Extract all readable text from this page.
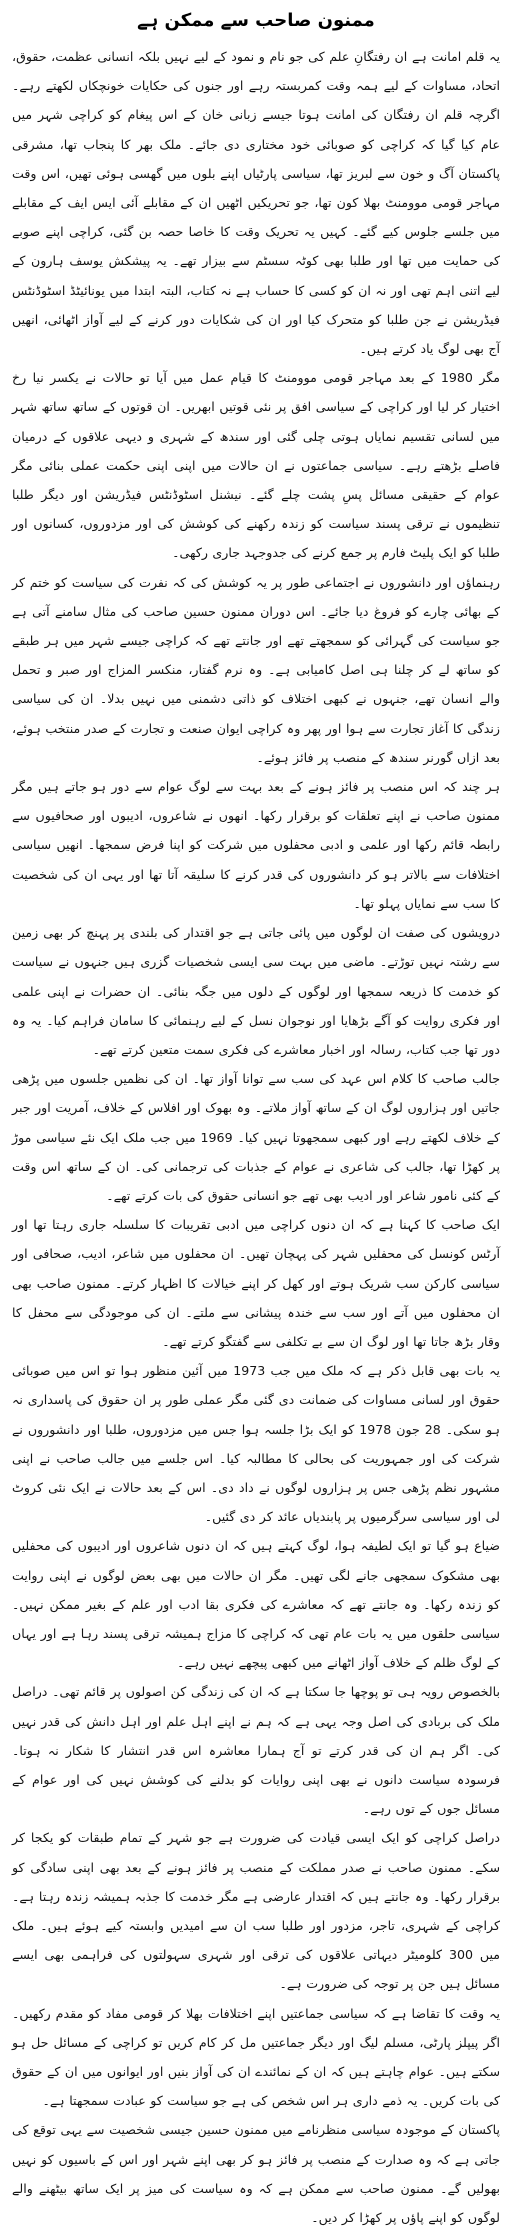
ممنون صاحب سے ممکن ہے

یہ قلم امانت ہے ان رفتگانِ علم کی جو نام و نمود کے لیے نہیں بلکہ انسانی عظمت، حقوق، اتحاد، مساوات کے لیے ہمہ وقت کمربستہ رہے اور جنوں کی حکایات خونچکاں لکھتے رہے۔ اگرچہ قلم ان رفتگان کی امانت ہوتا جیسے زبانی خان کے اس پیغام کو کراچی شہر میں عام کیا گیا کہ کراچی کو صوبائی خود مختاری دی جائے۔ ملک بھر کا پنجاب تھا، مشرقی پاکستان آگ و خون سے لبریز تھا، سیاسی پارٹیاں اپنے بلوں میں گھسی ہوئی تھیں، اس وقت مہاجر قومی موومنٹ بھلا کون تھا، جو تحریکیں اٹھیں ان کے مقابلے آئی ایس ایف کے مقابلے میں جلسے جلوس کیے گئے۔ کہیں یہ تحریک وقت کا خاصا حصہ بن گئی، کراچی اپنے صوبے کی حمایت میں تھا اور طلبا بھی کوٹہ سسٹم سے بیزار تھے۔ یہ پیشکش یوسف ہارون کے لیے اتنی اہم تھی اور نہ ان کو کسی کا حساب ہے نہ کتاب، البتہ ابتدا میں یونائیٹڈ اسٹوڈنٹس فیڈریشن نے جن طلبا کو متحرک کیا اور ان کی شکایات دور کرنے کے لیے آواز اٹھائی، انھیں آج بھی لوگ یاد کرتے ہیں۔

مگر 1980 کے بعد مہاجر قومی موومنٹ کا قیام عمل میں آیا تو حالات نے یکسر نیا رخ اختیار کر لیا اور کراچی کے سیاسی افق پر نئی قوتیں ابھریں۔ ان قوتوں کے ساتھ ساتھ شہر میں لسانی تقسیم نمایاں ہوتی چلی گئی اور سندھ کے شہری و دیہی علاقوں کے درمیان فاصلے بڑھتے رہے۔ سیاسی جماعتوں نے ان حالات میں اپنی اپنی حکمت عملی بنائی مگر عوام کے حقیقی مسائل پسِ پشت چلے گئے۔ نیشنل اسٹوڈنٹس فیڈریشن اور دیگر طلبا تنظیموں نے ترقی پسند سیاست کو زندہ رکھنے کی کوشش کی اور مزدوروں، کسانوں اور طلبا کو ایک پلیٹ فارم پر جمع کرنے کی جدوجہد جاری رکھی۔

رہنماؤں اور دانشوروں نے اجتماعی طور پر یہ کوشش کی کہ نفرت کی سیاست کو ختم کر کے بھائی چارے کو فروغ دیا جائے۔ اس دوران ممنون حسین صاحب کی مثال سامنے آتی ہے جو سیاست کی گہرائی کو سمجھتے تھے اور جانتے تھے کہ کراچی جیسے شہر میں ہر طبقے کو ساتھ لے کر چلنا ہی اصل کامیابی ہے۔ وہ نرم گفتار، منکسر المزاج اور صبر و تحمل والے انسان تھے، جنہوں نے کبھی اختلاف کو ذاتی دشمنی میں نہیں بدلا۔ ان کی سیاسی زندگی کا آغاز تجارت سے ہوا اور پھر وہ کراچی ایوان صنعت و تجارت کے صدر منتخب ہوئے، بعد ازاں گورنر سندھ کے منصب پر فائز ہوئے۔

ہر چند کہ اس منصب پر فائز ہونے کے بعد بہت سے لوگ عوام سے دور ہو جاتے ہیں مگر ممنون صاحب نے اپنے تعلقات کو برقرار رکھا۔ انھوں نے شاعروں، ادیبوں اور صحافیوں سے رابطہ قائم رکھا اور علمی و ادبی محفلوں میں شرکت کو اپنا فرض سمجھا۔ انھیں سیاسی اختلافات سے بالاتر ہو کر دانشوروں کی قدر کرنے کا سلیقہ آتا تھا اور یہی ان کی شخصیت کا سب سے نمایاں پہلو تھا۔

درویشوں کی صفت ان لوگوں میں پائی جاتی ہے جو اقتدار کی بلندی پر پہنچ کر بھی زمین سے رشتہ نہیں توڑتے۔ ماضی میں بہت سی ایسی شخصیات گزری ہیں جنہوں نے سیاست کو خدمت کا ذریعہ سمجھا اور لوگوں کے دلوں میں جگہ بنائی۔ ان حضرات نے اپنی علمی اور فکری روایت کو آگے بڑھایا اور نوجوان نسل کے لیے رہنمائی کا سامان فراہم کیا۔ یہ وہ دور تھا جب کتاب، رسالہ اور اخبار معاشرے کی فکری سمت متعین کرتے تھے۔

جالب صاحب کا کلام اس عہد کی سب سے توانا آواز تھا۔ ان کی نظمیں جلسوں میں پڑھی جاتیں اور ہزاروں لوگ ان کے ساتھ آواز ملاتے۔ وہ بھوک اور افلاس کے خلاف، آمریت اور جبر کے خلاف لکھتے رہے اور کبھی سمجھوتا نہیں کیا۔ 1969 میں جب ملک ایک نئے سیاسی موڑ پر کھڑا تھا، جالب کی شاعری نے عوام کے جذبات کی ترجمانی کی۔ ان کے ساتھ اس وقت کے کئی نامور شاعر اور ادیب بھی تھے جو انسانی حقوق کی بات کرتے تھے۔

ایک صاحب کا کہنا ہے کہ ان دنوں کراچی میں ادبی تقریبات کا سلسلہ جاری رہتا تھا اور آرٹس کونسل کی محفلیں شہر کی پہچان تھیں۔ ان محفلوں میں شاعر، ادیب، صحافی اور سیاسی کارکن سب شریک ہوتے اور کھل کر اپنے خیالات کا اظہار کرتے۔ ممنون صاحب بھی ان محفلوں میں آتے اور سب سے خندہ پیشانی سے ملتے۔ ان کی موجودگی سے محفل کا وقار بڑھ جاتا تھا اور لوگ ان سے بے تکلفی سے گفتگو کرتے تھے۔

یہ بات بھی قابل ذکر ہے کہ ملک میں جب 1973 میں آئین منظور ہوا تو اس میں صوبائی حقوق اور لسانی مساوات کی ضمانت دی گئی مگر عملی طور پر ان حقوق کی پاسداری نہ ہو سکی۔ 28 جون 1978 کو ایک بڑا جلسہ ہوا جس میں مزدوروں، طلبا اور دانشوروں نے شرکت کی اور جمہوریت کی بحالی کا مطالبہ کیا۔ اس جلسے میں جالب صاحب نے اپنی مشہور نظم پڑھی جس پر ہزاروں لوگوں نے داد دی۔ اس کے بعد حالات نے ایک نئی کروٹ لی اور سیاسی سرگرمیوں پر پابندیاں عائد کر دی گئیں۔

ضیاع ہو گیا تو ایک لطیفہ ہوا، لوگ کہتے ہیں کہ ان دنوں شاعروں اور ادیبوں کی محفلیں بھی مشکوک سمجھی جانے لگی تھیں۔ مگر ان حالات میں بھی بعض لوگوں نے اپنی روایت کو زندہ رکھا۔ وہ جانتے تھے کہ معاشرے کی فکری بقا ادب اور علم کے بغیر ممکن نہیں۔ سیاسی حلقوں میں یہ بات عام تھی کہ کراچی کا مزاج ہمیشہ ترقی پسند رہا ہے اور یہاں کے لوگ ظلم کے خلاف آواز اٹھانے میں کبھی پیچھے نہیں رہے۔

بالخصوص رویہ ہی تو پوچھا جا سکتا ہے کہ ان کی زندگی کن اصولوں پر قائم تھی۔ دراصل ملک کی بربادی کی اصل وجہ یہی ہے کہ ہم نے اپنے اہل علم اور اہل دانش کی قدر نہیں کی۔ اگر ہم ان کی قدر کرتے تو آج ہمارا معاشرہ اس قدر انتشار کا شکار نہ ہوتا۔ فرسودہ سیاست دانوں نے بھی اپنی روایات کو بدلنے کی کوشش نہیں کی اور عوام کے مسائل جوں کے توں رہے۔

دراصل کراچی کو ایک ایسی قیادت کی ضرورت ہے جو شہر کے تمام طبقات کو یکجا کر سکے۔ ممنون صاحب نے صدر مملکت کے منصب پر فائز ہونے کے بعد بھی اپنی سادگی کو برقرار رکھا۔ وہ جانتے ہیں کہ اقتدار عارضی ہے مگر خدمت کا جذبہ ہمیشہ زندہ رہتا ہے۔ کراچی کے شہری، تاجر، مزدور اور طلبا سب ان سے امیدیں وابستہ کیے ہوئے ہیں۔ ملک میں 300 کلومیٹر دیہاتی علاقوں کی ترقی اور شہری سہولتوں کی فراہمی بھی ایسے مسائل ہیں جن پر توجہ کی ضرورت ہے۔

یہ وقت کا تقاضا ہے کہ سیاسی جماعتیں اپنے اختلافات بھلا کر قومی مفاد کو مقدم رکھیں۔ اگر پیپلز پارٹی، مسلم لیگ اور دیگر جماعتیں مل کر کام کریں تو کراچی کے مسائل حل ہو سکتے ہیں۔ عوام چاہتے ہیں کہ ان کے نمائندے ان کی آواز بنیں اور ایوانوں میں ان کے حقوق کی بات کریں۔ یہ ذمے داری ہر اس شخص کی ہے جو سیاست کو عبادت سمجھتا ہے۔

پاکستان کے موجودہ سیاسی منظرنامے میں ممنون حسین جیسی شخصیت سے یہی توقع کی جاتی ہے کہ وہ صدارت کے منصب پر فائز ہو کر بھی اپنے شہر اور اس کے باسیوں کو نہیں بھولیں گے۔ ممنون صاحب سے ممکن ہے کہ وہ سیاست کی میز پر ایک ساتھ بیٹھنے والے لوگوں کو اپنے پاؤں پر کھڑا کر دیں۔
